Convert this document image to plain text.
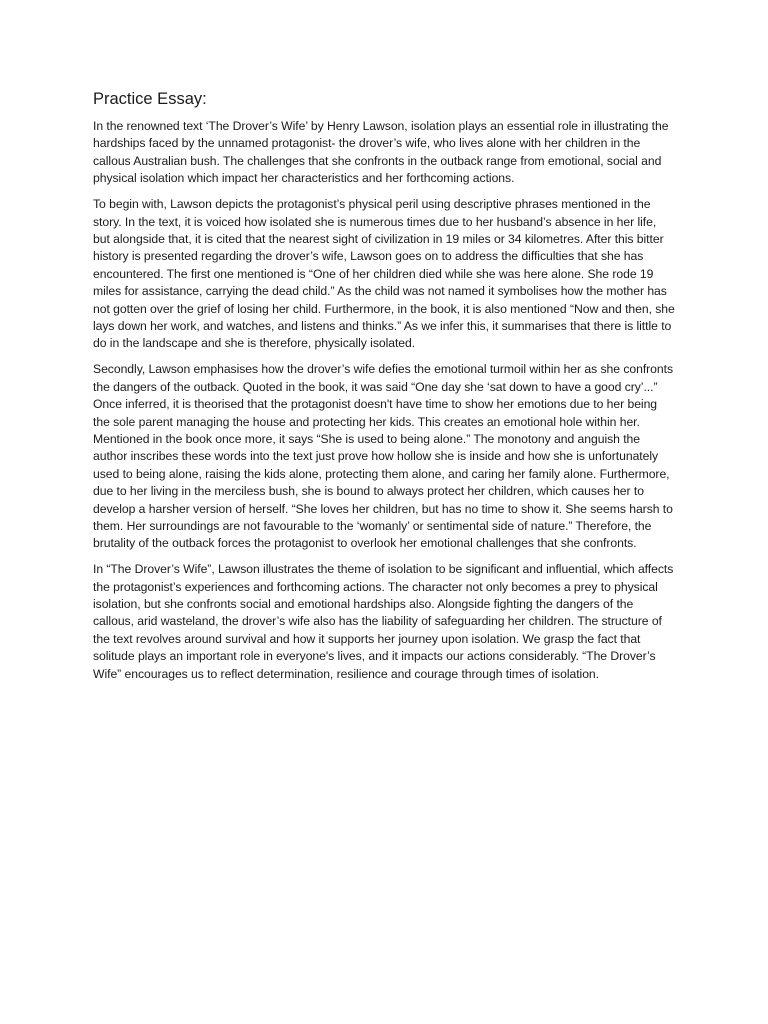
Practice Essay:

In the renowned text ‘The Drover’s Wife’ by Henry Lawson, isolation plays an essential role in illustrating the hardships faced by the unnamed protagonist- the drover’s wife, who lives alone with her children in the callous Australian bush. The challenges that she confronts in the outback range from emotional, social and physical isolation which impact her characteristics and her forthcoming actions.

To begin with, Lawson depicts the protagonist’s physical peril using descriptive phrases mentioned in the story. In the text, it is voiced how isolated she is numerous times due to her husband’s absence in her life, but alongside that, it is cited that the nearest sight of civilization in 19 miles or 34 kilometres. After this bitter history is presented regarding the drover’s wife, Lawson goes on to address the difficulties that she has encountered. The first one mentioned is “One of her children died while she was here alone. She rode 19 miles for assistance, carrying the dead child.” As the child was not named it symbolises how the mother has not gotten over the grief of losing her child. Furthermore, in the book, it is also mentioned “Now and then, she lays down her work, and watches, and listens and thinks.” As we infer this, it summarises that there is little to do in the landscape and she is therefore, physically isolated.

Secondly, Lawson emphasises how the drover’s wife defies the emotional turmoil within her as she confronts the dangers of the outback. Quoted in the book, it was said “One day she ‘sat down to have a good cry’...” Once inferred, it is theorised that the protagonist doesn't have time to show her emotions due to her being the sole parent managing the house and protecting her kids. This creates an emotional hole within her. Mentioned in the book once more, it says “She is used to being alone.” The monotony and anguish the author inscribes these words into the text just prove how hollow she is inside and how she is unfortunately used to being alone, raising the kids alone, protecting them alone, and caring her family alone. Furthermore, due to her living in the merciless bush, she is bound to always protect her children, which causes her to develop a harsher version of herself. “She loves her children, but has no time to show it. She seems harsh to them. Her surroundings are not favourable to the ‘womanly’ or sentimental side of nature.” Therefore, the brutality of the outback forces the protagonist to overlook her emotional challenges that she confronts.

In “The Drover’s Wife”, Lawson illustrates the theme of isolation to be significant and influential, which affects the protagonist’s experiences and forthcoming actions. The character not only becomes a prey to physical isolation, but she confronts social and emotional hardships also. Alongside fighting the dangers of the callous, arid wasteland, the drover’s wife also has the liability of safeguarding her children. The structure of the text revolves around survival and how it supports her journey upon isolation. We grasp the fact that solitude plays an important role in everyone's lives, and it impacts our actions considerably. “The Drover’s Wife” encourages us to reflect determination, resilience and courage through times of isolation.
